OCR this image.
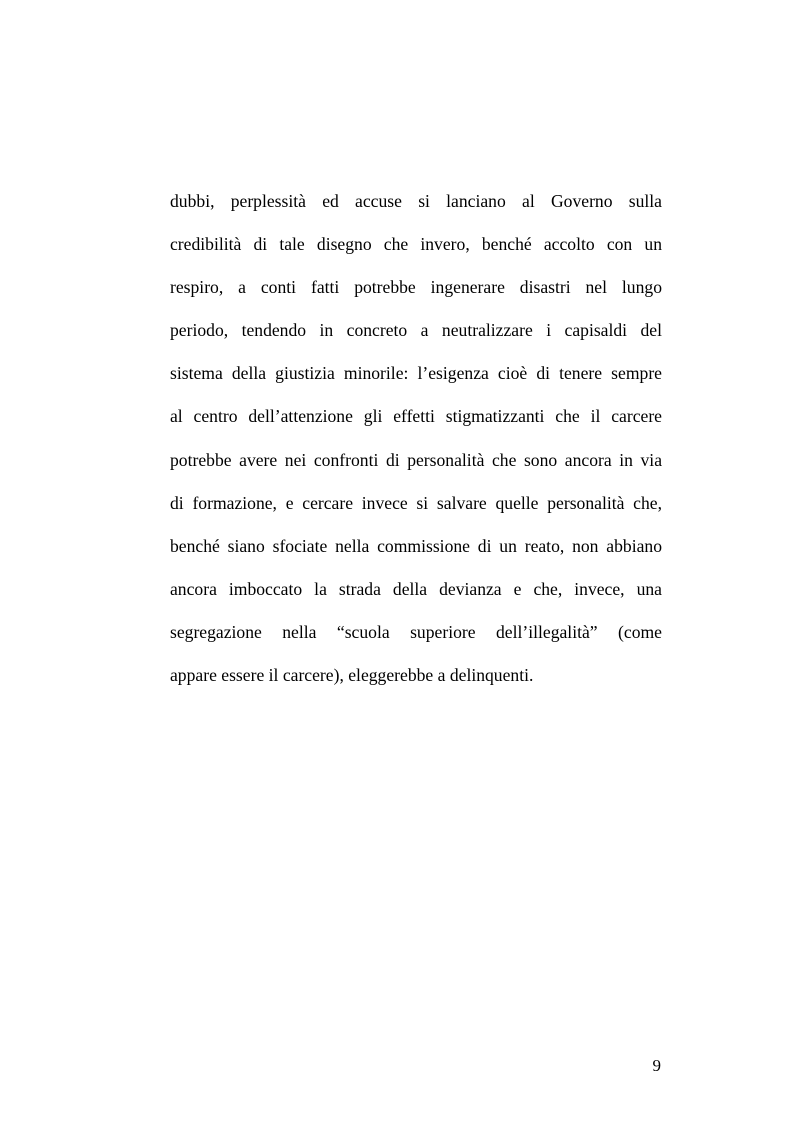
dubbi, perplessità ed accuse si lanciano al Governo sulla
credibilità di tale disegno che invero, benché accolto con un
respiro, a conti fatti potrebbe ingenerare disastri nel lungo
periodo, tendendo in concreto a neutralizzare i capisaldi del
sistema della giustizia minorile: l’esigenza cioè di tenere sempre
al centro dell’attenzione gli effetti stigmatizzanti che il carcere
potrebbe avere nei confronti di personalità che sono ancora in via
di formazione, e cercare invece si salvare quelle personalità che,
benché siano sfociate nella commissione di un reato, non abbiano
ancora imboccato la strada della devianza e che, invece, una
segregazione nella “scuola superiore dell’illegalità” (come
appare essere il carcere), eleggerebbe a delinquenti.
9
